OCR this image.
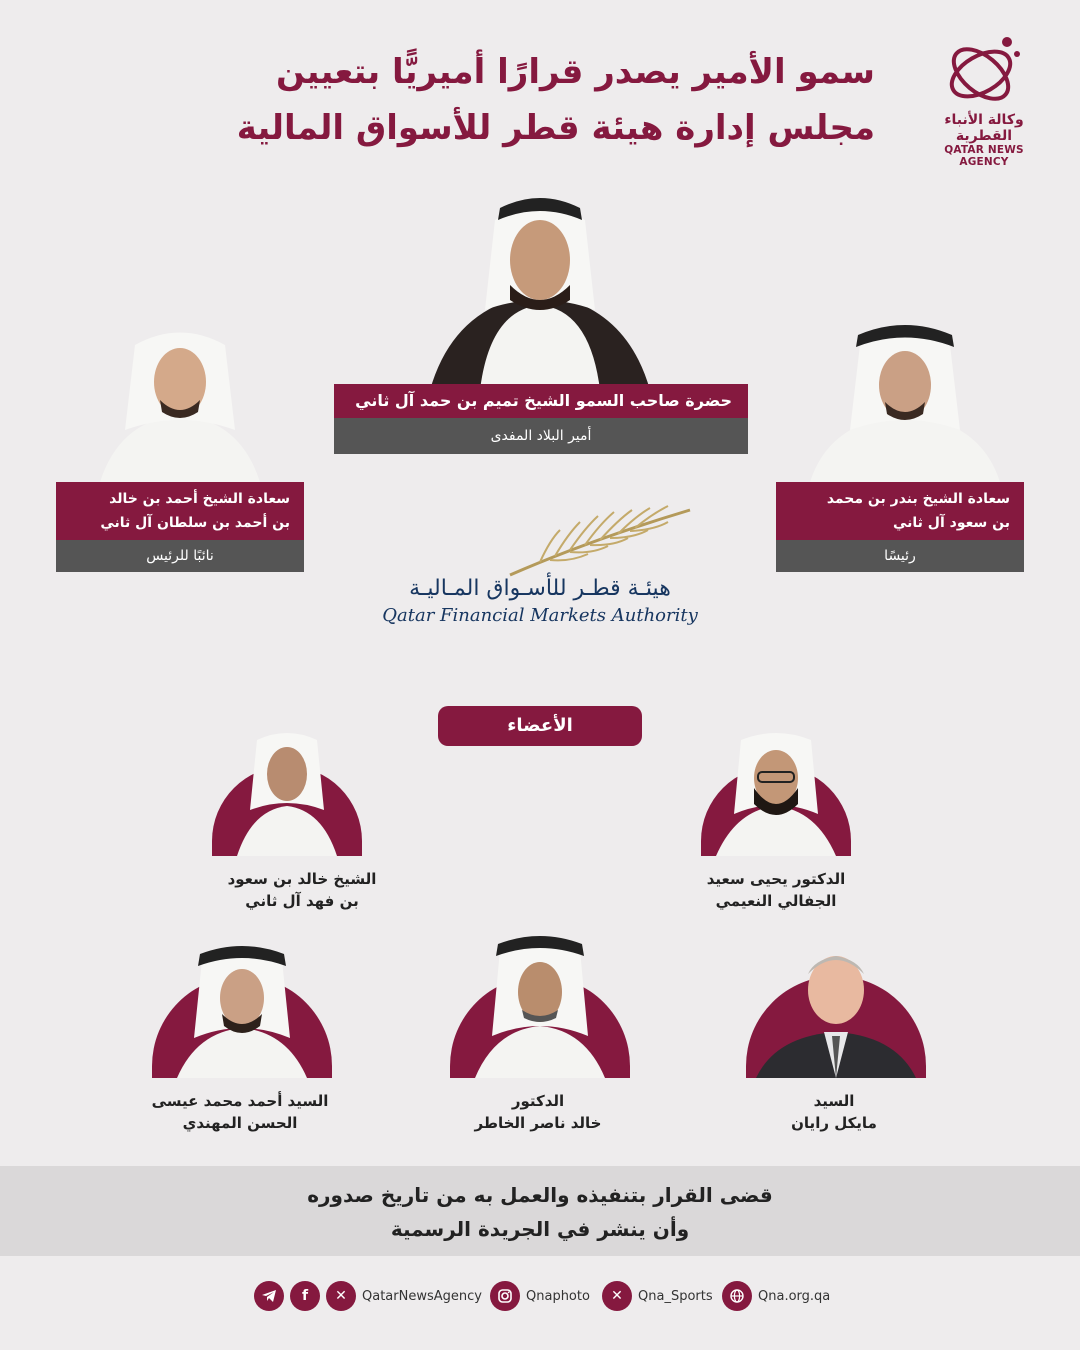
سمو الأمير يصدر قرارًا أميريًّا بتعيين
مجلس إدارة هيئة قطر للأسواق المالية	وكالة الأنباء القطرية
QATAR NEWS AGENCY
حضرة صاحب السمو الشيخ تميم بن حمد آل ثاني
أمير البلاد المفدى
سعادة الشيخ أحمد بن خالد
بن أحمد بن سلطان آل ثاني
نائبًا للرئيس
سعادة الشيخ بندر بن محمد
بن سعود آل ثاني
رئيسًا
هيئـة قطـر للأسـواق المـاليـة
Qatar Financial Markets Authority
الأعضاء
الشيخ خالد بن سعود
بن فهد آل ثاني
الدكتور يحيى سعيد
الجفالي النعيمي
السيد أحمد محمد عيسى
الحسن المهندي
الدكتور
خالد ناصر الخاطر
السيد
مايكل رايان
قضى القرار بتنفيذه والعمل به من تاريخ صدوره
وأن ينشر في الجريدة الرسمية
f	✕	QatarNewsAgency	Qnaphoto	✕	Qna_Sports	Qna.org.qa
